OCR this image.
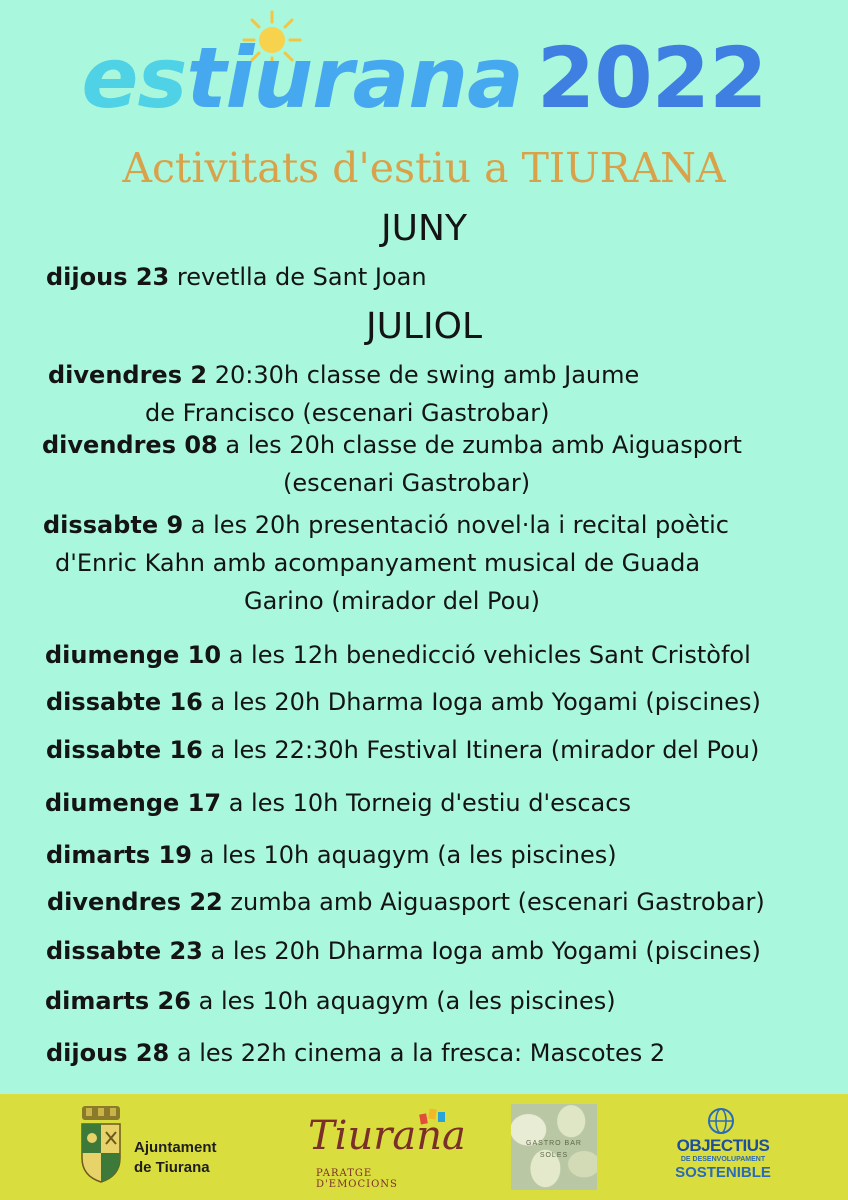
estiurana 2022
Activitats d'estiu a TIURANA
JUNY
dijous 23 revetlla de Sant Joan
JULIOL
divendres 2 20:30h classe de swing amb Jaume
de Francisco (escenari Gastrobar)
divendres 08 a les 20h classe de zumba amb Aiguasport
(escenari Gastrobar)
dissabte 9 a les 20h presentació novel·la i recital poètic
d'Enric Kahn amb acompanyament musical de Guada
Garino (mirador del Pou)
diumenge 10 a les 12h benedicció vehicles Sant Cristòfol
dissabte 16 a les 20h Dharma Ioga amb Yogami (piscines)
dissabte 16 a les 22:30h Festival Itinera (mirador del Pou)
diumenge 17 a les 10h Torneig d'estiu d'escacs
dimarts 19 a les 10h aquagym (a les piscines)
divendres 22 zumba amb Aiguasport (escenari Gastrobar)
dissabte 23 a les 20h Dharma Ioga amb Yogami (piscines)
dimarts 26 a les 10h aquagym (a les piscines)
dijous 28 a les 22h cinema a la fresca: Mascotes 2
Ajuntament
de Tiurana
Tiurana
PARATGE D'EMOCIONS
GASTRO BAR
SOLES
OBJECTIUS
DE DESENVOLUPAMENT
SOSTENIBLE
